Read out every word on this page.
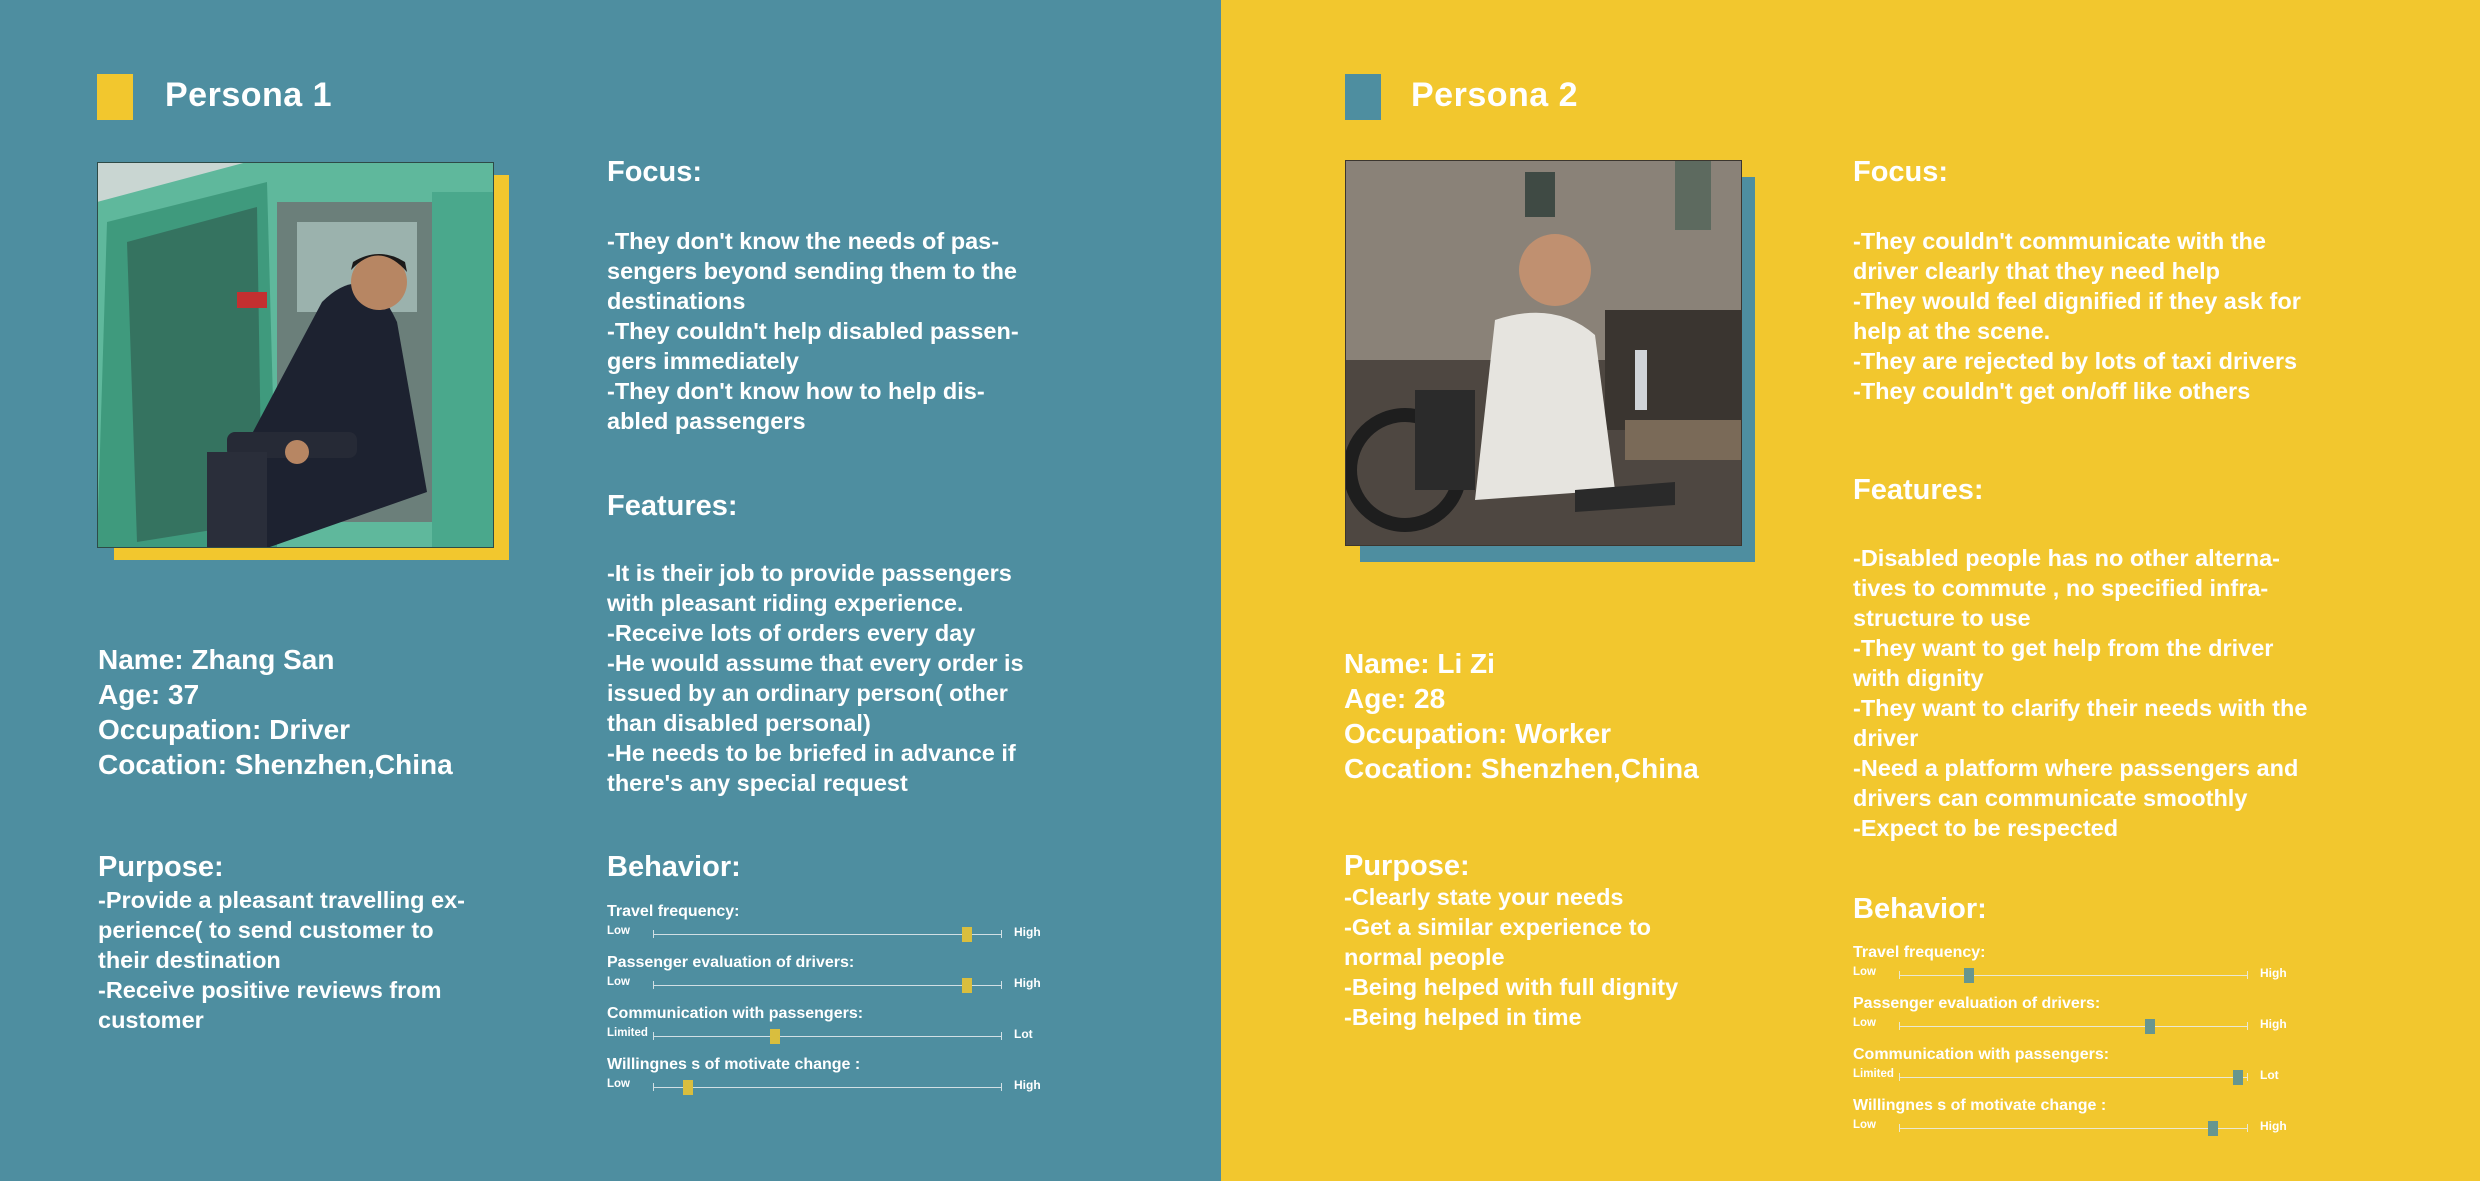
Persona 1
Name: Zhang San
Age: 37
Occupation: Driver
Cocation: Shenzhen,China
Purpose:
-Provide a pleasant travelling ex-
perience( to send customer to
their destination
-Receive positive reviews from
customer
Focus:
-They don't know the needs of pas-
sengers beyond sending them to the
destinations
-They couldn't help disabled passen-
gers immediately
-They don't know how to help dis-
abled passengers
Features:
-It is their job to provide passengers
with pleasant riding experience.
-Receive lots of orders every day
-He would assume that every order is
issued by an ordinary person( other
than disabled personal)
-He needs to be briefed in advance if
there's any special request
Behavior:
Travel frequency:
Low	High
Passenger evaluation of drivers:
Low	High
Communication with passengers:
Limited	Lot
Willingnes s of motivate change :
Low	High
Persona 2
Name: Li Zi
Age: 28
Occupation: Worker
Cocation: Shenzhen,China
Purpose:
-Clearly state your needs
-Get a similar experience to
normal people
-Being helped with full dignity
-Being helped in time
Focus:
-They couldn't communicate with the
driver clearly that they need help
-They would feel dignified if they ask for
help at the scene.
-They are rejected by lots of taxi drivers
-They couldn't get on/off like others
Features:
-Disabled people has no other alterna-
tives to commute , no specified infra-
structure to use
-They want to get help from the driver
with dignity
-They want to clarify their needs with the
driver
-Need a platform where passengers and
drivers can communicate smoothly
-Expect to be respected
Behavior:
Travel frequency:
Low	High
Passenger evaluation of drivers:
Low	High
Communication with passengers:
Limited	Lot
Willingnes s of motivate change :
Low	High
